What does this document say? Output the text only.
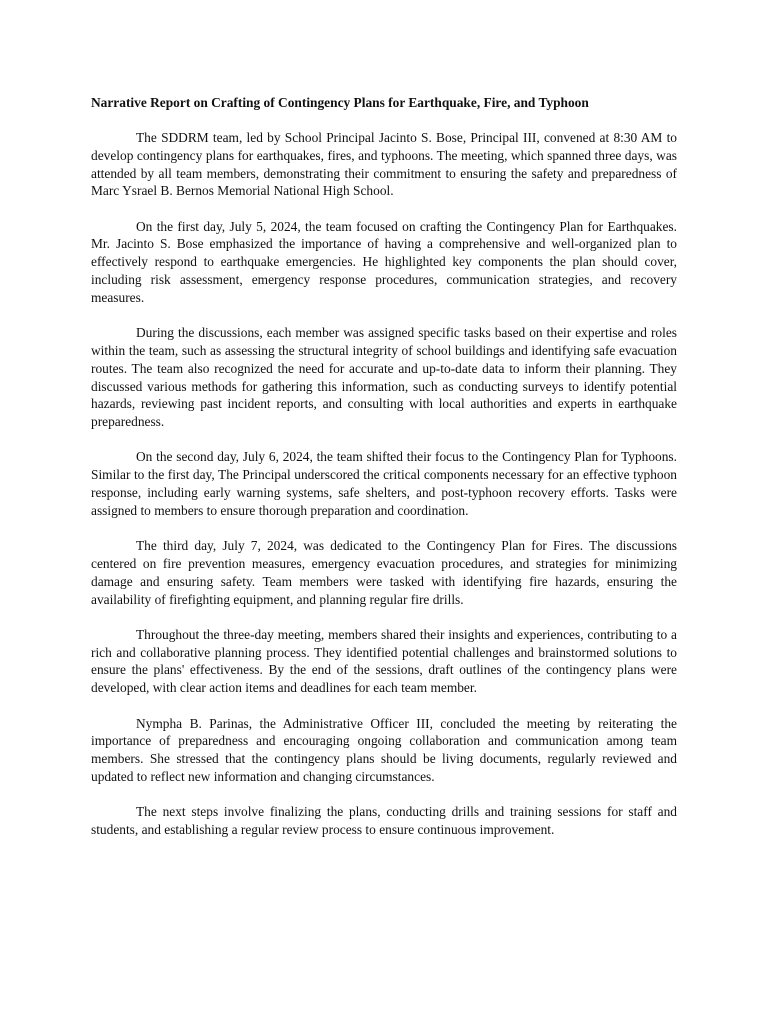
Narrative Report on Crafting of Contingency Plans for Earthquake, Fire, and Typhoon

The SDDRM team, led by School Principal Jacinto S. Bose, Principal III, convened at 8:30 AM to develop contingency plans for earthquakes, fires, and typhoons. The meeting, which spanned three days, was attended by all team members, demonstrating their commitment to ensuring the safety and preparedness of Marc Ysrael B. Bernos Memorial National High School.

On the first day, July 5, 2024, the team focused on crafting the Contingency Plan for Earthquakes. Mr. Jacinto S. Bose emphasized the importance of having a comprehensive and well-organized plan to effectively respond to earthquake emergencies. He highlighted key components the plan should cover, including risk assessment, emergency response procedures, communication strategies, and recovery measures.

During the discussions, each member was assigned specific tasks based on their expertise and roles within the team, such as assessing the structural integrity of school buildings and identifying safe evacuation routes. The team also recognized the need for accurate and up-to-date data to inform their planning. They discussed various methods for gathering this information, such as conducting surveys to identify potential hazards, reviewing past incident reports, and consulting with local authorities and experts in earthquake preparedness.

On the second day, July 6, 2024, the team shifted their focus to the Contingency Plan for Typhoons. Similar to the first day, The Principal underscored the critical components necessary for an effective typhoon response, including early warning systems, safe shelters, and post-typhoon recovery efforts. Tasks were assigned to members to ensure thorough preparation and coordination.

The third day, July 7, 2024, was dedicated to the Contingency Plan for Fires. The discussions centered on fire prevention measures, emergency evacuation procedures, and strategies for minimizing damage and ensuring safety. Team members were tasked with identifying fire hazards, ensuring the availability of firefighting equipment, and planning regular fire drills.

Throughout the three-day meeting, members shared their insights and experiences, contributing to a rich and collaborative planning process. They identified potential challenges and brainstormed solutions to ensure the plans' effectiveness. By the end of the sessions, draft outlines of the contingency plans were developed, with clear action items and deadlines for each team member.

Nympha B. Parinas, the Administrative Officer III, concluded the meeting by reiterating the importance of preparedness and encouraging ongoing collaboration and communication among team members. She stressed that the contingency plans should be living documents, regularly reviewed and updated to reflect new information and changing circumstances.

The next steps involve finalizing the plans, conducting drills and training sessions for staff and students, and establishing a regular review process to ensure continuous improvement.
